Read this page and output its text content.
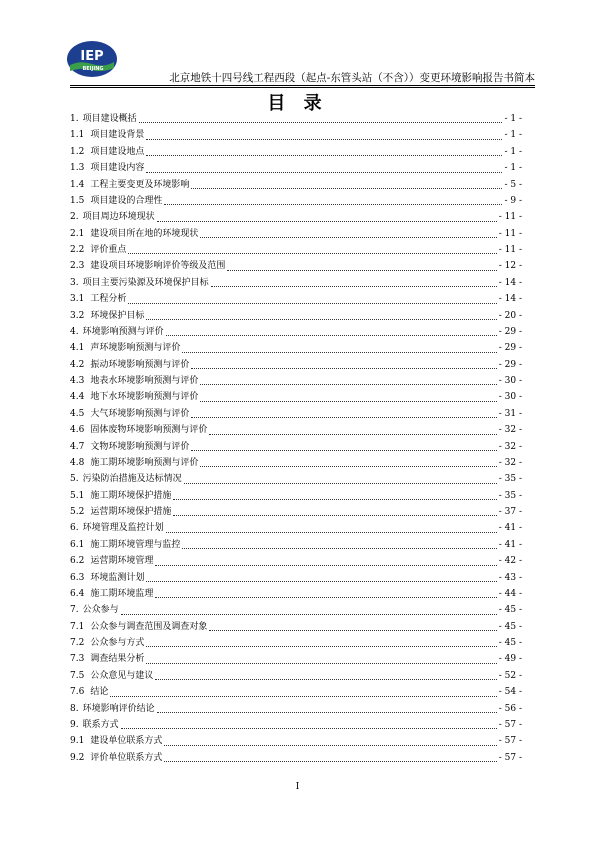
IEP
BEIJING
北京地铁十四号线工程西段（起点-东管头站（不含））变更环境影响报告书简本
目 录
1. 项目建设概括	- 1 -
1.1 项目建设背景	- 1 -
1.2 项目建设地点	- 1 -
1.3 项目建设内容	- 1 -
1.4 工程主要变更及环境影响	- 5 -
1.5 项目建设的合理性	- 9 -
2. 项目周边环境现状	- 11 -
2.1 建设项目所在地的环境现状	- 11 -
2.2 评价重点	- 11 -
2.3 建设项目环境影响评价等级及范围	- 12 -
3. 项目主要污染源及环境保护目标	- 14 -
3.1 工程分析	- 14 -
3.2 环境保护目标	- 20 -
4. 环境影响预测与评价	- 29 -
4.1 声环境影响预测与评价	- 29 -
4.2 振动环境影响预测与评价	- 29 -
4.3 地表水环境影响预测与评价	- 30 -
4.4 地下水环境影响预测与评价	- 30 -
4.5 大气环境影响预测与评价	- 31 -
4.6 固体废物环境影响预测与评价	- 32 -
4.7 文物环境影响预测与评价	- 32 -
4.8 施工期环境影响预测与评价	- 32 -
5. 污染防治措施及达标情况	- 35 -
5.1 施工期环境保护措施	- 35 -
5.2 运营期环境保护措施	- 37 -
6. 环境管理及监控计划	- 41 -
6.1 施工期环境管理与监控	- 41 -
6.2 运营期环境管理	- 42 -
6.3 环境监测计划	- 43 -
6.4 施工期环境监理	- 44 -
7. 公众参与	- 45 -
7.1 公众参与调查范围及调查对象	- 45 -
7.2 公众参与方式	- 45 -
7.3 调查结果分析	- 49 -
7.5 公众意见与建议	- 52 -
7.6 结论	- 54 -
8. 环境影响评价结论	- 56 -
9. 联系方式	- 57 -
9.1 建设单位联系方式	- 57 -
9.2 评价单位联系方式	- 57 -
I
